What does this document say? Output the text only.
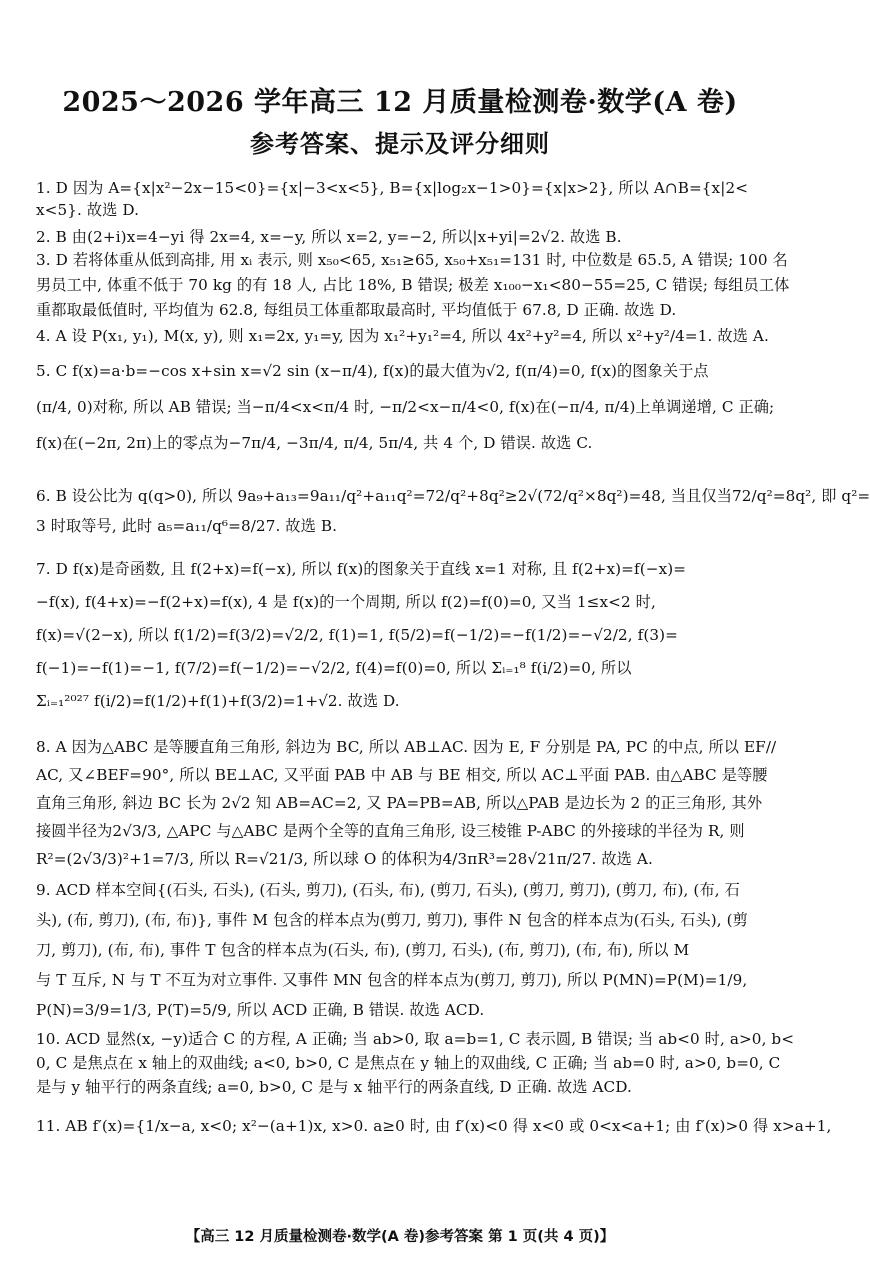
2025～2026 学年高三 12 月质量检测卷·数学(A 卷)
参考答案、提示及评分细则
1. D 因为 A={x|x²−2x−15<0}={x|−3<x<5}, B={x|log₂x−1>0}={x|x>2}, 所以 A∩B={x|2<
x<5}. 故选 D.
2. B 由(2+i)x=4−yi 得 2x=4, x=−y, 所以 x=2, y=−2, 所以|x+yi|=2√2. 故选 B.
3. D 若将体重从低到高排, 用 xᵢ 表示, 则 x₅₀<65, x₅₁≥65, x₅₀+x₅₁=131 时, 中位数是 65.5, A 错误; 100 名
男员工中, 体重不低于 70 kg 的有 18 人, 占比 18%, B 错误; 极差 x₁₀₀−x₁<80−55=25, C 错误; 每组员工体
重都取最低值时, 平均值为 62.8, 每组员工体重都取最高时, 平均值低于 67.8, D 正确. 故选 D.
4. A 设 P(x₁, y₁), M(x, y), 则 x₁=2x, y₁=y, 因为 x₁²+y₁²=4, 所以 4x²+y²=4, 所以 x²+y²/4=1. 故选 A.
5. C f(x)=a·b=−cos x+sin x=√2 sin (x−π/4), f(x)的最大值为√2, f(π/4)=0, f(x)的图象关于点
(π/4, 0)对称, 所以 AB 错误; 当−π/4<x<π/4 时, −π/2<x−π/4<0, f(x)在(−π/4, π/4)上单调递增, C 正确;
f(x)在(−2π, 2π)上的零点为−7π/4, −3π/4, π/4, 5π/4, 共 4 个, D 错误. 故选 C.
6. B 设公比为 q(q>0), 所以 9a₉+a₁₃=9a₁₁/q²+a₁₁q²=72/q²+8q²≥2√(72/q²×8q²)=48, 当且仅当72/q²=8q², 即 q²=
3 时取等号, 此时 a₅=a₁₁/q⁶=8/27. 故选 B.
7. D f(x)是奇函数, 且 f(2+x)=f(−x), 所以 f(x)的图象关于直线 x=1 对称, 且 f(2+x)=f(−x)=
−f(x), f(4+x)=−f(2+x)=f(x), 4 是 f(x)的一个周期, 所以 f(2)=f(0)=0, 又当 1≤x<2 时,
f(x)=√(2−x), 所以 f(1/2)=f(3/2)=√2/2, f(1)=1, f(5/2)=f(−1/2)=−f(1/2)=−√2/2, f(3)=
f(−1)=−f(1)=−1, f(7/2)=f(−1/2)=−√2/2, f(4)=f(0)=0, 所以 Σᵢ₌₁⁸ f(i/2)=0, 所以
Σᵢ₌₁²⁰²⁷ f(i/2)=f(1/2)+f(1)+f(3/2)=1+√2. 故选 D.
8. A 因为△ABC 是等腰直角三角形, 斜边为 BC, 所以 AB⊥AC. 因为 E, F 分别是 PA, PC 的中点, 所以 EF//
AC, 又∠BEF=90°, 所以 BE⊥AC, 又平面 PAB 中 AB 与 BE 相交, 所以 AC⊥平面 PAB. 由△ABC 是等腰
直角三角形, 斜边 BC 长为 2√2 知 AB=AC=2, 又 PA=PB=AB, 所以△PAB 是边长为 2 的正三角形, 其外
接圆半径为2√3/3, △APC 与△ABC 是两个全等的直角三角形, 设三棱锥 P-ABC 的外接球的半径为 R, 则
R²=(2√3/3)²+1=7/3, 所以 R=√21/3, 所以球 O 的体积为4/3πR³=28√21π/27. 故选 A.
9. ACD 样本空间{(石头, 石头), (石头, 剪刀), (石头, 布), (剪刀, 石头), (剪刀, 剪刀), (剪刀, 布), (布, 石
头), (布, 剪刀), (布, 布)}, 事件 M 包含的样本点为(剪刀, 剪刀), 事件 N 包含的样本点为(石头, 石头), (剪
刀, 剪刀), (布, 布), 事件 T 包含的样本点为(石头, 布), (剪刀, 石头), (布, 剪刀), (布, 布), 所以 M
与 T 互斥, N 与 T 不互为对立事件. 又事件 MN 包含的样本点为(剪刀, 剪刀), 所以 P(MN)=P(M)=1/9,
P(N)=3/9=1/3, P(T)=5/9, 所以 ACD 正确, B 错误. 故选 ACD.
10. ACD 显然(x, −y)适合 C 的方程, A 正确; 当 ab>0, 取 a=b=1, C 表示圆, B 错误; 当 ab<0 时, a>0, b<
0, C 是焦点在 x 轴上的双曲线; a<0, b>0, C 是焦点在 y 轴上的双曲线, C 正确; 当 ab=0 时, a>0, b=0, C
是与 y 轴平行的两条直线; a=0, b>0, C 是与 x 轴平行的两条直线, D 正确. 故选 ACD.
11. AB f′(x)={1/x−a, x<0; x²−(a+1)x, x>0. a≥0 时, 由 f′(x)<0 得 x<0 或 0<x<a+1; 由 f′(x)>0 得 x>a+1,
【高三 12 月质量检测卷·数学(A 卷)参考答案 第 1 页(共 4 页)】
